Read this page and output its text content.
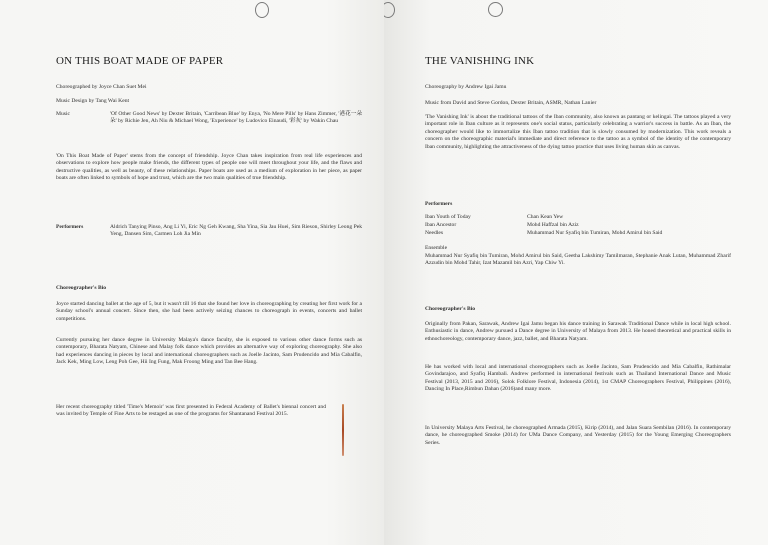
ON THIS BOAT MADE OF PAPER
Choreographed by Joyce Chan Suet Mei
Music Design by Tang Wai Kent
Music	'Of Other Good News' by Dexter Britain, 'Carribean Blue' by Enya, 'No Mere Pills' by Hans Zimmer, '港花一朵朵' by Richie Jen, Ah Niu & Michael Wong, 'Experience' by Ludovico Einaudi, '彩灰' by Wakin Chau
'On This Boat Made of Paper' stems from the concept of friendship. Joyce Chan takes inspiration from real life experiences and observations to explore how people make friends, the different types of people one will meet throughout your life, and the flaws and destructive qualities, as well as beauty, of these relationships. Paper boats are used as a medium of exploration in her piece, as paper boats are often linked to symbols of hope and trust, which are the two main qualities of true friendship.
Performers	Aldrich Tanying Pinso, Ang Li Yi, Eric Ng Geh Kwang, Sha Yina, Sia Jau Huei, Sim Rieson, Shirley Leong Pek Yeng, Dansen Sim, Carmen Loh Jia Min
Choreographer's Bio
Joyce started dancing ballet at the age of 5, but it wasn't till 16 that she found her love in choreographing by creating her first work for a Sunday school's annual concert. Since then, she had been actively seizing chances to choreograph in events, concerts and ballet competitions.
Currently pursuing her dance degree in University Malaya's dance faculty, she is exposed to various other dance forms such as contemporary, Bharata Natyam, Chinese and Malay folk dance which provides an alternative way of exploring choreography. She also had experiences dancing in pieces by local and international choreographers such as Joelle Jacinto, Sam Prudencido and Mia Cabalfin, Jack Kek, Ming Low, Leng Poh Gee, Hii Ing Fung, Mak Froong Ming and Tan Bee Hang.
Her recent choreography titled 'Time's Memoir' was first presented in Federal Academy of Ballet's biennal concert and was invited by Temple of Fine Arts to be restaged as one of the programs for Shantanand Festival 2015.
THE VANISHING INK
Choreography by Andrew Igai Jamu
Music from David and Steve Gordon, Dexter Britain, ASMR, Nathan Lanier
'The Vanishing Ink' is about the traditional tattoos of the Iban community, also known as pantang or kelingai. The tattoos played a very important role in Iban culture as it represents one's social status, particularly celebrating a warrior's success in battle. As an Iban, the choreographer would like to immortalize this Iban tattoo tradition that is slowly consumed by modernization. This work reveals a concern on the choreographic material's immediate and direct reference to the tattoo as a symbol of the identity of the contemporary Iban community, highlighting the attractiveness of the dying tattoo practice that uses living human skin as canvas.
Performers
Iban Youth of Today	Chan Kean Yew
Iban Ancestor	Mohd Haffzal bin Aziz
Needles	Muhammad Nur Syafiq bin Tumiran, Mohd Amirul bin Said
Ensemble
Muhammad Nur Syafiq bin Tumiran, Mohd Amirul bin Said, Geetha Lakshimy Tamilmaran, Stephanie Anak Lutan, Muhammad Zharif Azzudin bin Mohd Tahir, Izat Mazamil bin Azri, Yap Chiw Yi.
Choreographer's Bio
Originally from Pakan, Sarawak, Andrew Igai Jamu began his dance training in Sarawak Traditional Dance while in local high school. Enthusiastic in dance, Andrew pursued a Dance degree in University of Malaya from 2013. He honed theoretical and practical skills in ethnochoreology, contemporary dance, jazz, ballet, and Bharata Natyam.
He has worked with local and international choreographers such as Joelle Jacinto, Sam Prudencido and Mia Cabalfin, Rathimalar Govindarajoo, and Syafiq Hambali. Andrew performed in international festivals such as Thailand International Dance and Music Festival (2013, 2015 and 2016), Solok Folklore Festival, Indonesia (2014), 1st CMAP Choreographers Festival, Philippines (2016), Dancing In Place,Rimbun Dahan (2016)and many more.
In University Malaya Arts Festival, he choreographed Armada (2015), Kirip (2014), and Jalan Suara Sembilan (2016). In contemporary dance, he choreographed Smoke (2014) for UMa Dance Company, and Yesterday (2015) for the Young Emerging Choreographers Series.
